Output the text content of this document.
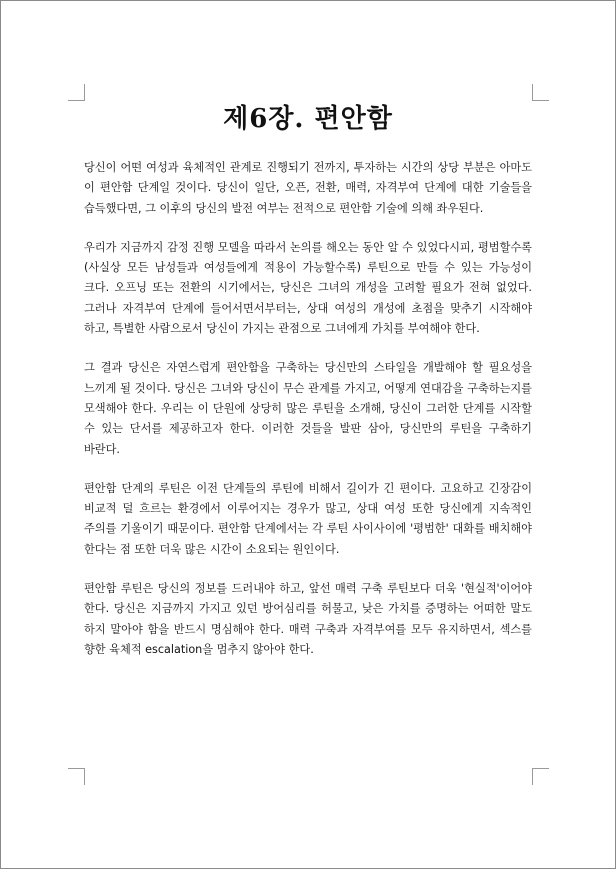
제6장. 편안함

당신이 어떤 여성과 육체적인 관계로 진행되기 전까지, 투자하는 시간의 상당 부분은 아마도 이 편안함 단계일 것이다. 당신이 일단, 오픈, 전환, 매력, 자격부여 단계에 대한 기술들을 습득했다면, 그 이후의 당신의 발전 여부는 전적으로 편안함 기술에 의해 좌우된다.

우리가 지금까지 감정 진행 모델을 따라서 논의를 해오는 동안 알 수 있었다시피, 평범할수록 (사실상 모든 남성들과 여성들에게 적용이 가능할수록) 루틴으로 만들 수 있는 가능성이 크다. 오프닝 또는 전환의 시기에서는, 당신은 그녀의 개성을 고려할 필요가 전혀 없었다. 그러나 자격부여 단계에 들어서면서부터는, 상대 여성의 개성에 초점을 맞추기 시작해야 하고, 특별한 사람으로서 당신이 가지는 관점으로 그녀에게 가치를 부여해야 한다.

그 결과 당신은 자연스럽게 편안함을 구축하는 당신만의 스타일을 개발해야 할 필요성을 느끼게 될 것이다. 당신은 그녀와 당신이 무슨 관계를 가지고, 어떻게 연대감을 구축하는지를 모색해야 한다. 우리는 이 단원에 상당히 많은 루틴을 소개해, 당신이 그러한 단계를 시작할 수 있는 단서를 제공하고자 한다. 이러한 것들을 발판 삼아, 당신만의 루틴을 구축하기 바란다.

편안함 단계의 루틴은 이전 단계들의 루틴에 비해서 길이가 긴 편이다. 고요하고 긴장감이 비교적 덜 흐르는 환경에서 이루어지는 경우가 많고, 상대 여성 또한 당신에게 지속적인 주의를 기울이기 때문이다. 편안함 단계에서는 각 루틴 사이사이에 '평범한' 대화를 배치해야 한다는 점 또한 더욱 많은 시간이 소요되는 원인이다.

편안함 루틴은 당신의 정보를 드러내야 하고, 앞선 매력 구축 루틴보다 더욱 '현실적'이어야 한다. 당신은 지금까지 가지고 있던 방어심리를 허물고, 낮은 가치를 증명하는 어떠한 말도 하지 말아야 함을 반드시 명심해야 한다. 매력 구축과 자격부여를 모두 유지하면서, 섹스를 향한 육체적 escalation을 멈추지 않아야 한다.
